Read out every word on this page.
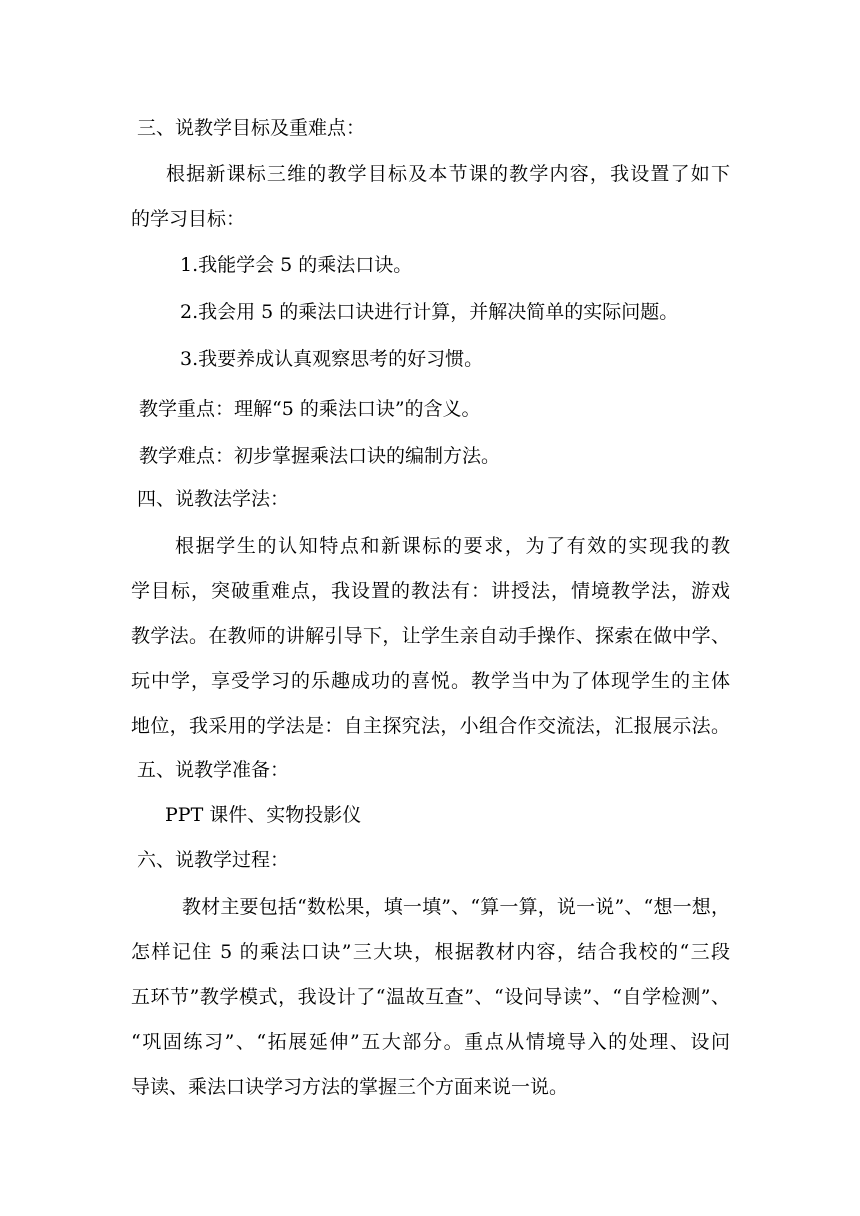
三、说教学目标及重难点：
根据新课标三维的教学目标及本节课的教学内容，我设置了如下
的学习目标：
1.我能学会 5 的乘法口诀。
2.我会用 5 的乘法口诀进行计算，并解决简单的实际问题。
3.我要养成认真观察思考的好习惯。
教学重点：理解“5 的乘法口诀”的含义。
教学难点：初步掌握乘法口诀的编制方法。
四、说教法学法：
根据学生的认知特点和新课标的要求，为了有效的实现我的教
学目标，突破重难点，我设置的教法有：讲授法，情境教学法，游戏
教学法。在教师的讲解引导下，让学生亲自动手操作、探索在做中学、
玩中学，享受学习的乐趣成功的喜悦。教学当中为了体现学生的主体
地位，我采用的学法是：自主探究法，小组合作交流法，汇报展示法。
五、说教学准备：
PPT 课件、实物投影仪
六、说教学过程：
教材主要包括“数松果，填一填”、“算一算，说一说”、“想一想，
怎样记住 5 的乘法口诀”三大块，根据教材内容，结合我校的“三段
五环节”教学模式，我设计了“温故互查”、“设问导读”、“自学检测”、
“巩固练习”、“拓展延伸”五大部分。重点从情境导入的处理、设问
导读、乘法口诀学习方法的掌握三个方面来说一说。
